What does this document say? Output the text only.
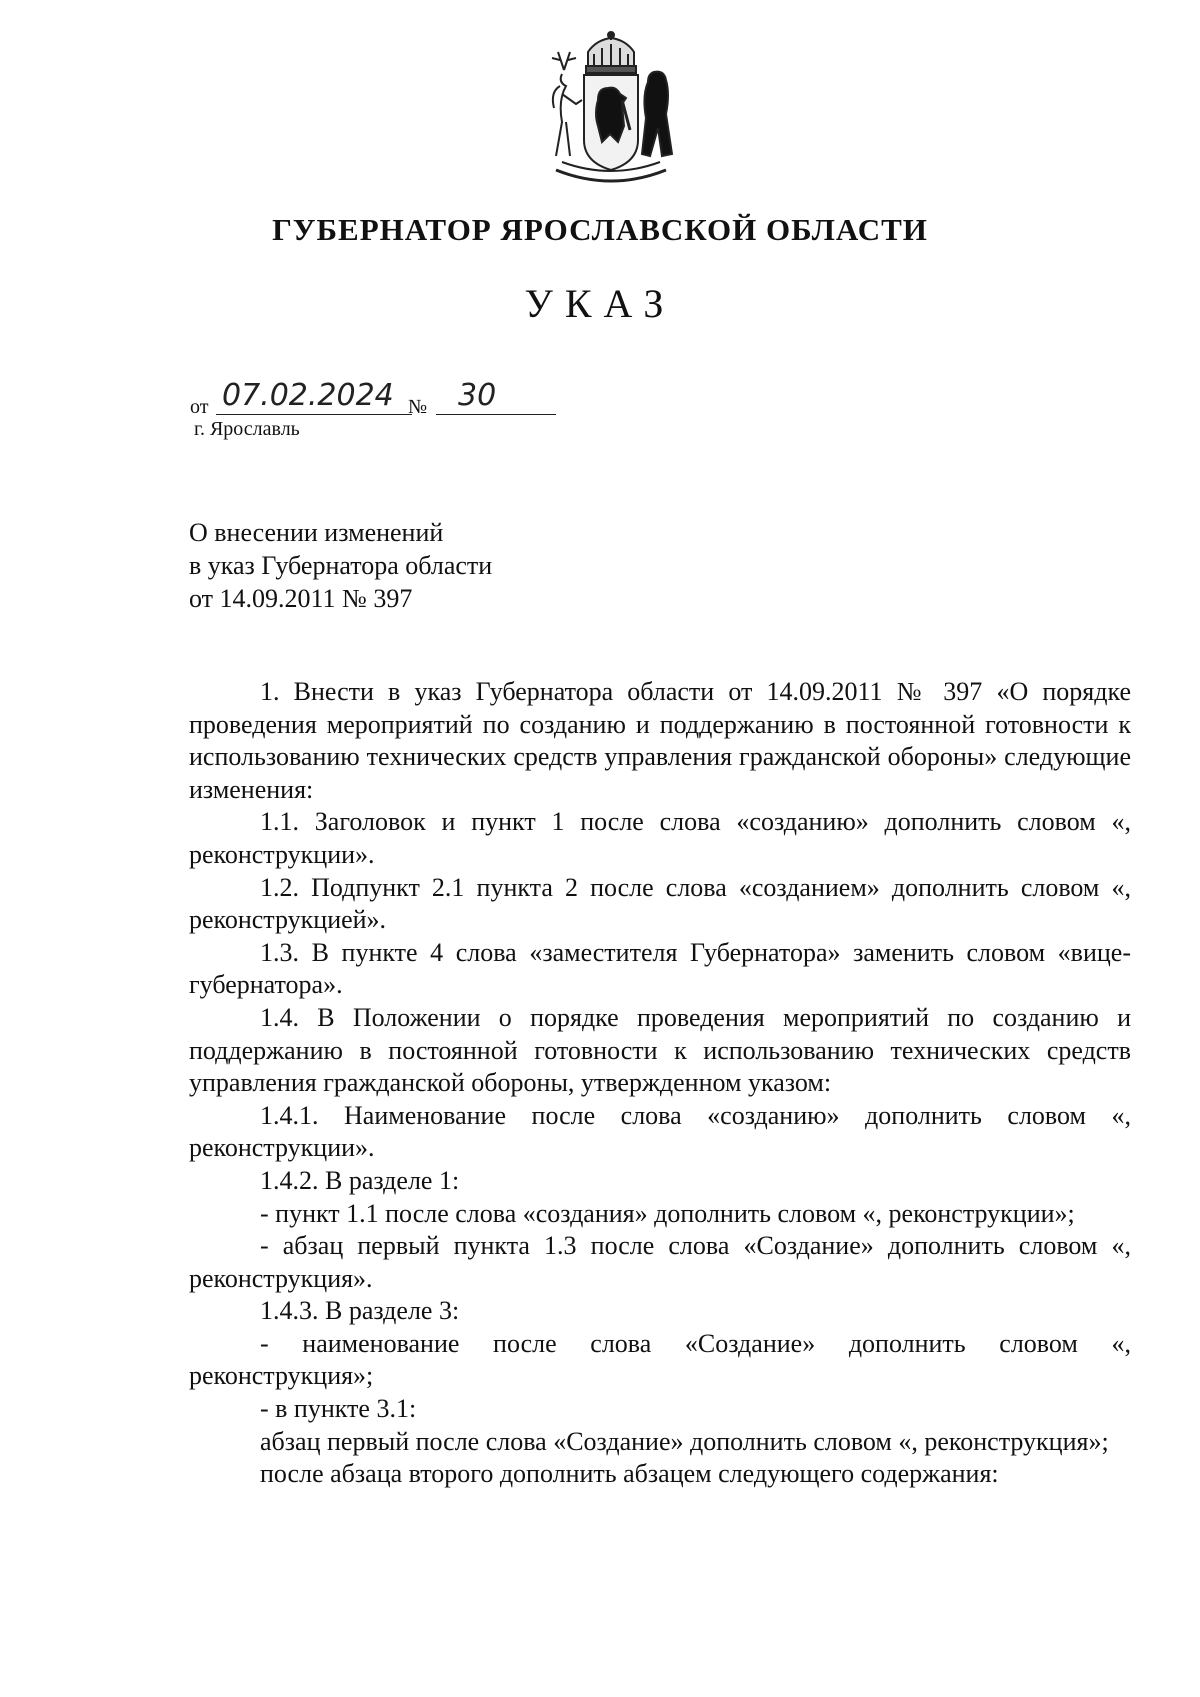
ГУБЕРНАТОР ЯРОСЛАВСКОЙ ОБЛАСТИ
УКАЗ
от 07.02.2024 №	30
г. Ярославль
О внесении изменений
в указ Губернатора области
от 14.09.2011 № 397

1. Внести в указ Губернатора области от 14.09.2011 № 397 «О порядке проведения мероприятий по созданию и поддержанию в постоянной готовности к использованию технических средств управления гражданской обороны» следующие изменения:

1.1. Заголовок и пункт 1 после слова «созданию» дополнить словом «, реконструкции».

1.2. Подпункт 2.1 пункта 2 после слова «созданием» дополнить словом «, реконструкцией».

1.3. В пункте 4 слова «заместителя Губернатора» заменить словом «вице-губернатора».

1.4. В Положении о порядке проведения мероприятий по созданию и поддержанию в постоянной готовности к использованию технических средств управления гражданской обороны, утвержденном указом:

1.4.1. Наименование после слова «созданию» дополнить словом «, реконструкции».

1.4.2. В разделе 1:

- пункт 1.1 после слова «создания» дополнить словом «, реконструкции»;

- абзац первый пункта 1.3 после слова «Создание» дополнить словом «, реконструкция».

1.4.3. В разделе 3:

- наименование после слова «Создание» дополнить словом «, реконструкция»;

- в пункте 3.1:

абзац первый после слова «Создание» дополнить словом «, реконструкция»;

после абзаца второго дополнить абзацем следующего содержания:
